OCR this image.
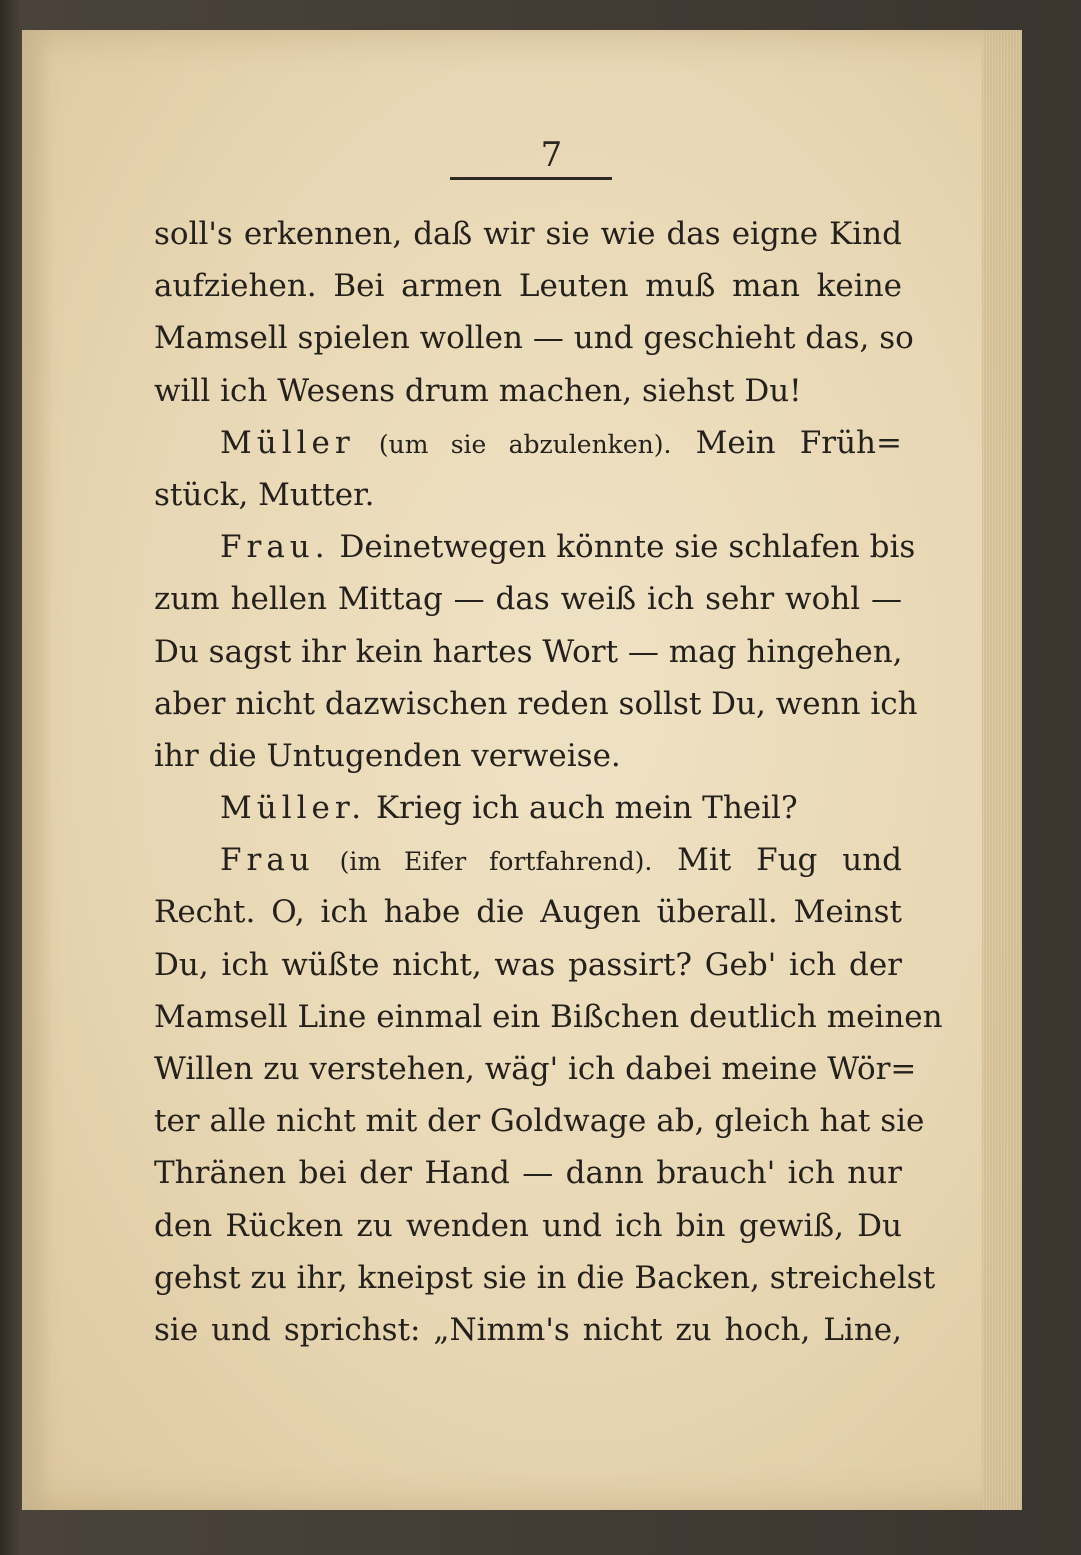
7
soll's erkennen, daß wir sie wie das eigne Kind
aufziehen. Bei armen Leuten muß man keine
Mamsell spielen wollen — und geschieht das, so
will ich Wesens drum machen, siehst Du!
Müller (um sie abzulenken). Mein Früh=
stück, Mutter.
Frau. Deinetwegen könnte sie schlafen bis
zum hellen Mittag — das weiß ich sehr wohl —
Du sagst ihr kein hartes Wort — mag hingehen,
aber nicht dazwischen reden sollst Du, wenn ich
ihr die Untugenden verweise.
Müller. Krieg ich auch mein Theil?
Frau (im Eifer fortfahrend). Mit Fug und
Recht. O, ich habe die Augen überall. Meinst
Du, ich wüßte nicht, was passirt? Geb' ich der
Mamsell Line einmal ein Bißchen deutlich meinen
Willen zu verstehen, wäg' ich dabei meine Wör=
ter alle nicht mit der Goldwage ab, gleich hat sie
Thränen bei der Hand — dann brauch' ich nur
den Rücken zu wenden und ich bin gewiß, Du
gehst zu ihr, kneipst sie in die Backen, streichelst
sie und sprichst: „Nimm's nicht zu hoch, Line,
